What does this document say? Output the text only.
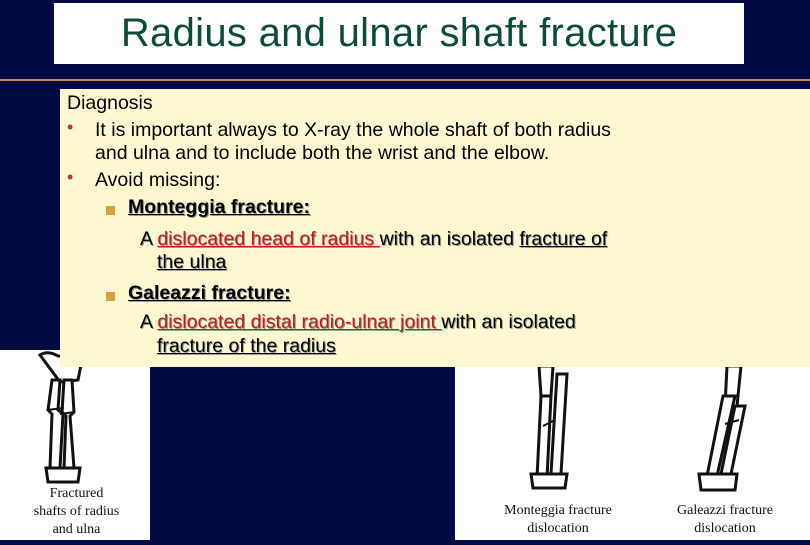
Radius and ulnar shaft fracture
Fractured
shafts of radius
and ulna
Monteggia fracture
dislocation
Galeazzi fracture
dislocation
Diagnosis
• It is important always to X-ray the whole shaft of both radius
and ulna and to include both the wrist and the elbow.
• Avoid missing:
Monteggia fracture:
A dislocated head of radius with an isolated fracture of
the ulna
Galeazzi fracture:
A dislocated distal radio-ulnar joint with an isolated
fracture of the radius
